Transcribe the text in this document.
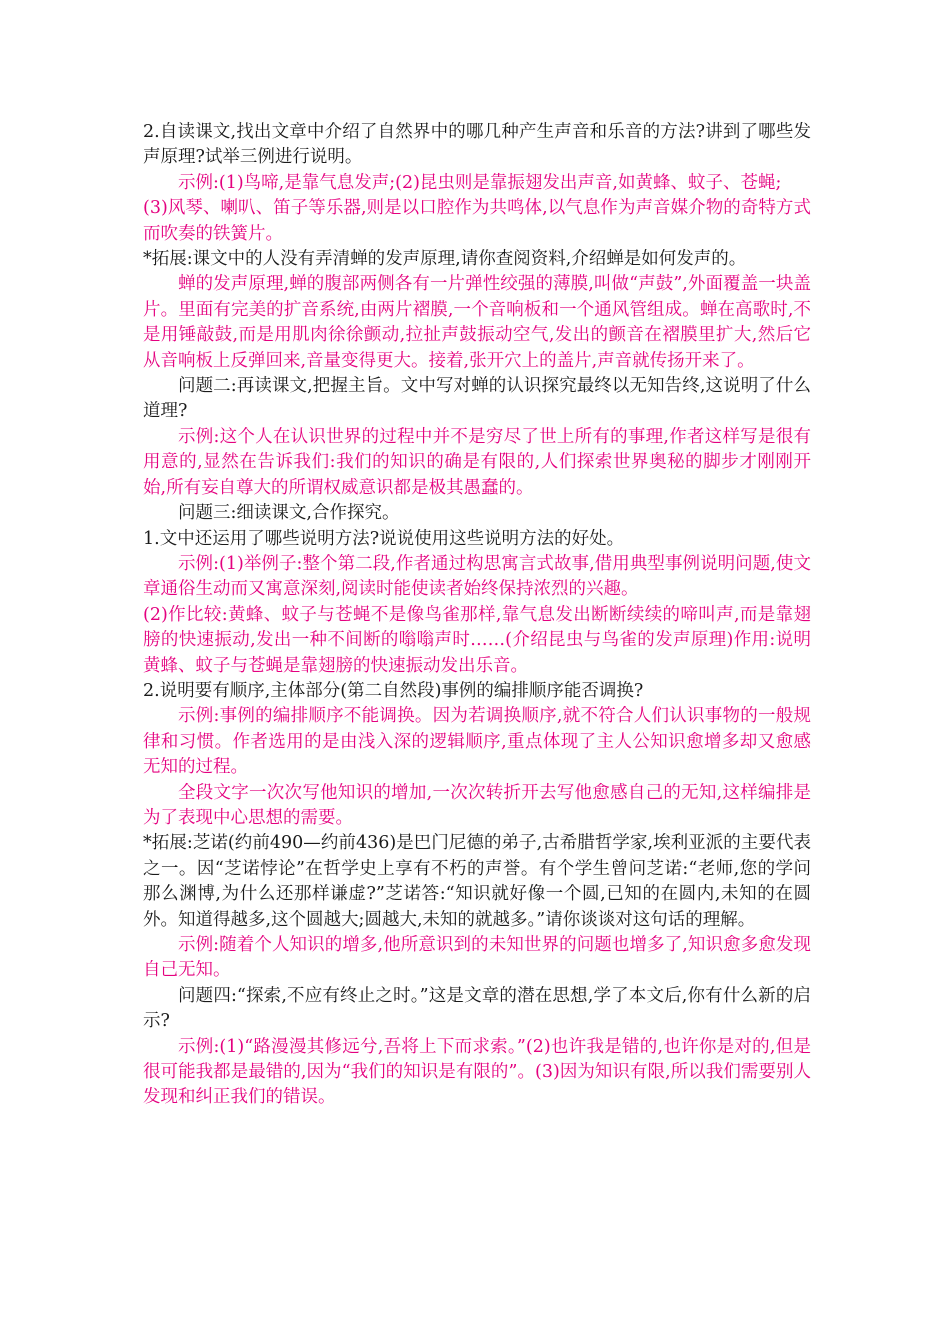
2.自读课文,找出文章中介绍了自然界中的哪几种产生声音和乐音的方法?讲到了哪些发声原理?试举三例进行说明。

示例:(1)鸟啼,是靠气息发声;(2)昆虫则是靠振翅发出声音,如黄蜂、蚊子、苍蝇;

(3)风琴、喇叭、笛子等乐器,则是以口腔作为共鸣体,以气息作为声音媒介物的奇特方式而吹奏的铁簧片。

*拓展:课文中的人没有弄清蝉的发声原理,请你查阅资料,介绍蝉是如何发声的。

蝉的发声原理,蝉的腹部两侧各有一片弹性绞强的薄膜,叫做“声鼓”,外面覆盖一块盖片。里面有完美的扩音系统,由两片褶膜,一个音响板和一个通风管组成。蝉在高歌时,不是用锤敲鼓,而是用肌肉徐徐颤动,拉扯声鼓振动空气,发出的颤音在褶膜里扩大,然后它从音响板上反弹回来,音量变得更大。接着,张开穴上的盖片,声音就传扬开来了。

问题二:再读课文,把握主旨。文中写对蝉的认识探究最终以无知告终,这说明了什么道理?

示例:这个人在认识世界的过程中并不是穷尽了世上所有的事理,作者这样写是很有用意的,显然在告诉我们:我们的知识的确是有限的,人们探索世界奥秘的脚步才刚刚开始,所有妄自尊大的所谓权威意识都是极其愚蠢的。

问题三:细读课文,合作探究。

1.文中还运用了哪些说明方法?说说使用这些说明方法的好处。

示例:(1)举例子:整个第二段,作者通过构思寓言式故事,借用典型事例说明问题,使文章通俗生动而又寓意深刻,阅读时能使读者始终保持浓烈的兴趣。

(2)作比较:黄蜂、蚊子与苍蝇不是像鸟雀那样,靠气息发出断断续续的啼叫声,而是靠翅膀的快速振动,发出一种不间断的嗡嗡声时……(介绍昆虫与鸟雀的发声原理)作用:说明黄蜂、蚊子与苍蝇是靠翅膀的快速振动发出乐音。

2.说明要有顺序,主体部分(第二自然段)事例的编排顺序能否调换?

示例:事例的编排顺序不能调换。因为若调换顺序,就不符合人们认识事物的一般规律和习惯。作者选用的是由浅入深的逻辑顺序,重点体现了主人公知识愈增多却又愈感无知的过程。

全段文字一次次写他知识的增加,一次次转折开去写他愈感自己的无知,这样编排是为了表现中心思想的需要。

*拓展:芝诺(约前490—约前436)是巴门尼德的弟子,古希腊哲学家,埃利亚派的主要代表之一。因“芝诺悖论”在哲学史上享有不朽的声誉。有个学生曾问芝诺:“老师,您的学问那么渊博,为什么还那样谦虚?”芝诺答:“知识就好像一个圆,已知的在圆内,未知的在圆外。知道得越多,这个圆越大;圆越大,未知的就越多。”请你谈谈对这句话的理解。

示例:随着个人知识的增多,他所意识到的未知世界的问题也增多了,知识愈多愈发现自己无知。

问题四:“探索,不应有终止之时。”这是文章的潜在思想,学了本文后,你有什么新的启示?

示例:(1)“路漫漫其修远兮,吾将上下而求索。”(2)也许我是错的,也许你是对的,但是很可能我都是最错的,因为“我们的知识是有限的”。(3)因为知识有限,所以我们需要别人发现和纠正我们的错误。
